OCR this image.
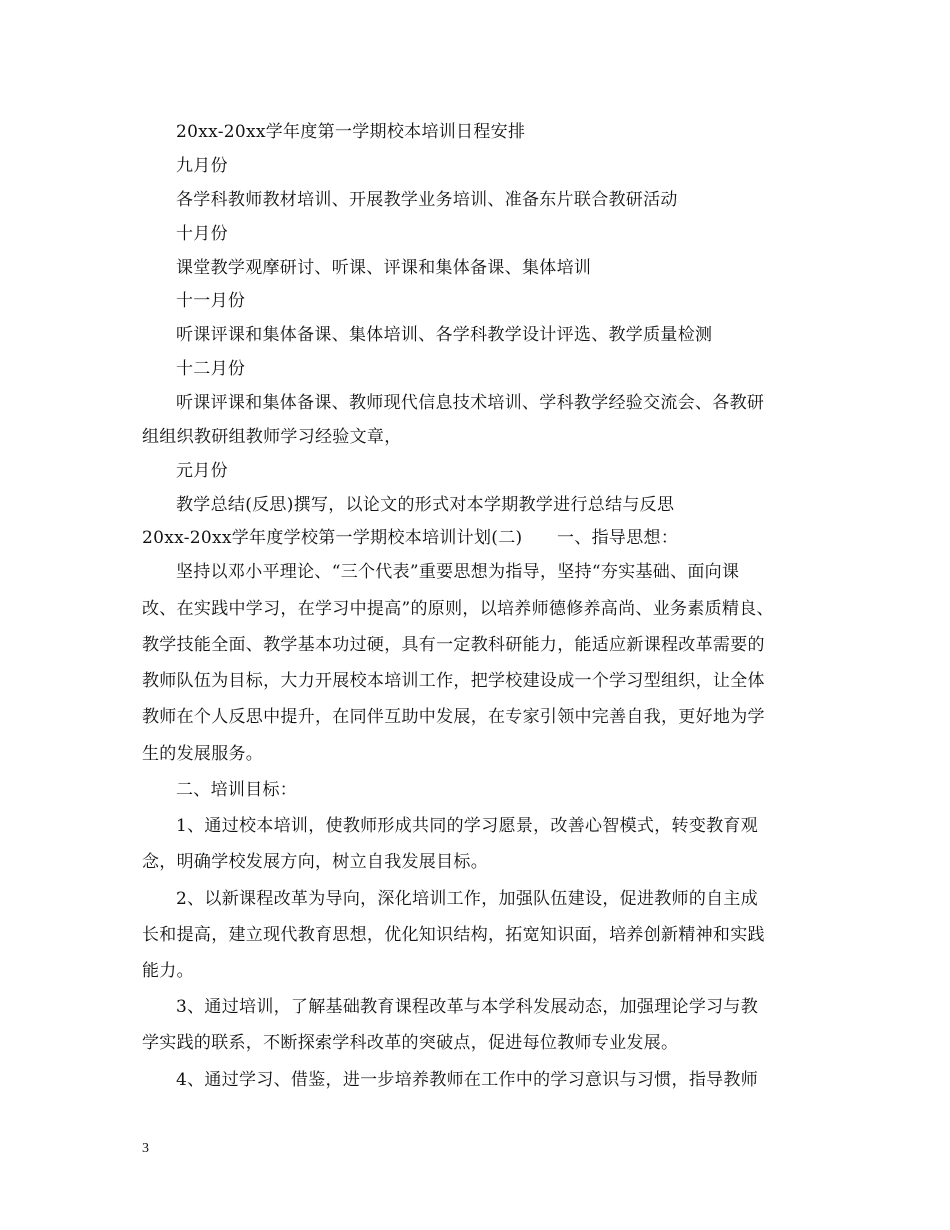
20xx-20xx学年度第一学期校本培训日程安排
九月份
各学科教师教材培训、开展教学业务培训、准备东片联合教研活动
十月份
课堂教学观摩研讨、听课、评课和集体备课、集体培训
十一月份
听课评课和集体备课、集体培训、各学科教学设计评选、教学质量检测
十二月份
听课评课和集体备课、教师现代信息技术培训、学科教学经验交流会、各教研
组组织教研组教师学习经验文章，
元月份
教学总结(反思)撰写，以论文的形式对本学期教学进行总结与反思
20xx-20xx学年度学校第一学期校本培训计划(二)　　一、指导思想：
坚持以邓小平理论、“三个代表”重要思想为指导，坚持“夯实基础、面向课
改、在实践中学习，在学习中提高”的原则，以培养师德修养高尚、业务素质精良、
教学技能全面、教学基本功过硬，具有一定教科研能力，能适应新课程改革需要的
教师队伍为目标，大力开展校本培训工作，把学校建设成一个学习型组织，让全体
教师在个人反思中提升，在同伴互助中发展，在专家引领中完善自我，更好地为学
生的发展服务。
二、培训目标：
1、通过校本培训，使教师形成共同的学习愿景，改善心智模式，转变教育观
念，明确学校发展方向，树立自我发展目标。
2、以新课程改革为导向，深化培训工作，加强队伍建设，促进教师的自主成
长和提高，建立现代教育思想，优化知识结构，拓宽知识面，培养创新精神和实践
能力。
3、通过培训，了解基础教育课程改革与本学科发展动态，加强理论学习与教
学实践的联系，不断探索学科改革的突破点，促进每位教师专业发展。
4、通过学习、借鉴，进一步培养教师在工作中的学习意识与习惯，指导教师
3
